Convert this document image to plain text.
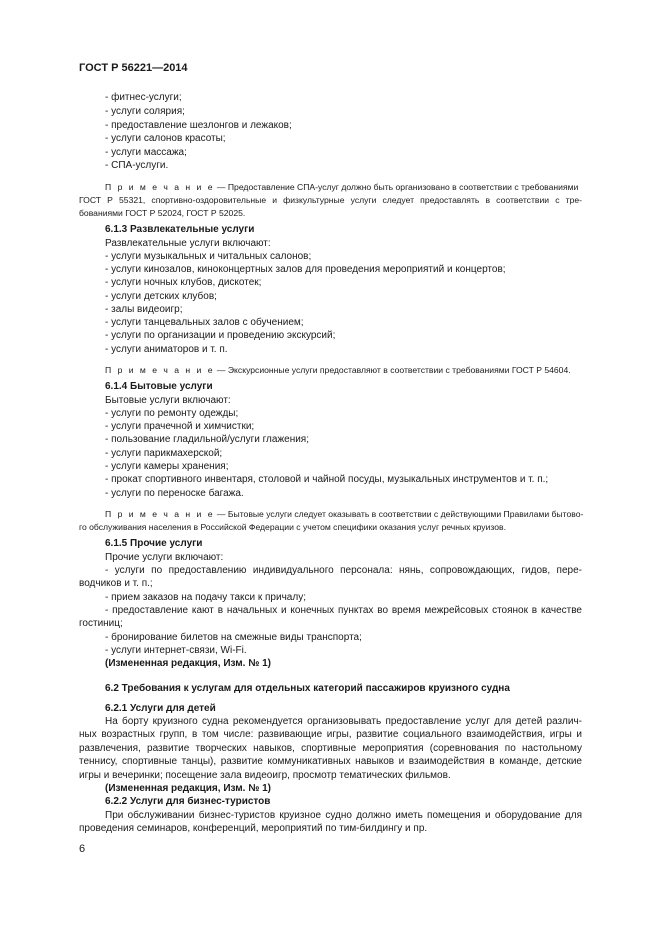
ГОСТ Р 56221—2014
- фитнес-услуги;
- услуги солярия;
- предоставление шезлонгов и лежаков;
- услуги салонов красоты;
- услуги массажа;
- СПА-услуги.
П р и м е ч а н и е — Предоставление СПА-услуг должно быть организовано в соответствии с требованиями
ГОСТ Р 55321, спортивно-оздоровительные и физкультурные услуги следует предоставлять в соответствии с тре-
бованиями ГОСТ Р 52024, ГОСТ Р 52025.
6.1.3 Развлекательные услуги
Развлекательные услуги включают:
- услуги музыкальных и читальных салонов;
- услуги кинозалов, киноконцертных залов для проведения мероприятий и концертов;
- услуги ночных клубов, дискотек;
- услуги детских клубов;
- залы видеоигр;
- услуги танцевальных залов с обучением;
- услуги по организации и проведению экскурсий;
- услуги аниматоров и т. п.
П р и м е ч а н и е — Экскурсионные услуги предоставляют в соответствии с требованиями ГОСТ Р 54604.
6.1.4 Бытовые услуги
Бытовые услуги включают:
- услуги по ремонту одежды;
- услуги прачечной и химчистки;
- пользование гладильной/услуги глажения;
- услуги парикмахерской;
- услуги камеры хранения;
- прокат спортивного инвентаря, столовой и чайной посуды, музыкальных инструментов и т. п.;
- услуги по переноске багажа.
П р и м е ч а н и е — Бытовые услуги следует оказывать в соответствии с действующими Правилами бытово-
го обслуживания населения в Российской Федерации с учетом специфики оказания услуг речных круизов.
6.1.5 Прочие услуги
Прочие услуги включают:
- услуги по предоставлению индивидуального персонала: нянь, сопровождающих, гидов, пере-
водчиков и т. п.;
- прием заказов на подачу такси к причалу;
- предоставление кают в начальных и конечных пунктах во время межрейсовых стоянок в качестве
гостиниц;
- бронирование билетов на смежные виды транспорта;
- услуги интернет-связи, Wi-Fi.
(Измененная редакция, Изм. № 1)
6.2 Требования к услугам для отдельных категорий пассажиров круизного судна
6.2.1 Услуги для детей
На борту круизного судна рекомендуется организовывать предоставление услуг для детей различ-
ных возрастных групп, в том числе: развивающие игры, развитие социального взаимодействия, игры и
развлечения, развитие творческих навыков, спортивные мероприятия (соревнования по настольному
теннису, спортивные танцы), развитие коммуникативных навыков и взаимодействия в команде, детские
игры и вечеринки; посещение зала видеоигр, просмотр тематических фильмов.
(Измененная редакция, Изм. № 1)
6.2.2 Услуги для бизнес-туристов
При обслуживании бизнес-туристов круизное судно должно иметь помещения и оборудование для
проведения семинаров, конференций, мероприятий по тим-билдингу и пр.
6
